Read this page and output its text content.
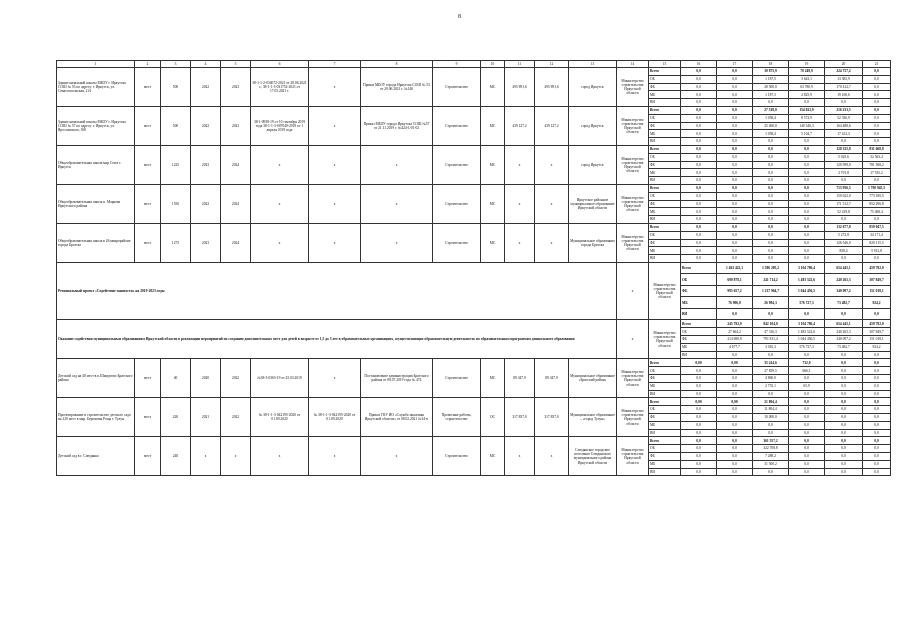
8
1	2	3	4	5	6	7	8	9	10	11	12	13	14	15	16	17	18	19	20	21	
Здание начальной школы МБОУ г. Иркутска СОШ № 53 по адресу: г. Иркутск, ул. Севастопольская, 214	мест	500	2022	2023	38-1-1-2-034072-2021 от 28.06.2021 г.; 38-1-1-3-031752-2021 от 17.03.2021 г.	х	Приказ МБОУ города Иркутска СОШ № 53 от 29.06.2021 г. №146	Строительство	МС	495 891,6	495 891,6	город Иркутск	Министерство строительства Иркутской области	Всего	0,0	0,0	30 875,9	70 249,9	224 757,2	0,0	
														ОБ	0,0	0,0	1 187,5	3 643,1	13 383,9	0,0	
														ФБ	0,0	0,0	28 500,0	63 780,9	170 412,7	0,0	
														МБ	0,0	0,0	1 187,5	2 825,9	19 160,6	0,0	
														ВИ	0,0	0,0	0,0	0,0	0,0	0,0	
Здание начальной школы МБОУ г. Иркутска СОШ № 57 по адресу: г. Иркутск, ул. Ярославского, 300	мест	500	2022	2023	38-1-0938-19 от 10 сентября 2019 года 38-1-1-3-007040-2019 от 1 апреля 2019 года	х	Приказ МБОУ города Иркутска СОШ №57 от 21.11.2019 г. №424-1/01-02	Строительство	МС	439 127,2	439 127,2	город Иркутск	Министерство строительства Иркутской области	Всего	0,0	0,0	27 518,0	154 022,9	216 233,5	0,0	
														ОБ	0,0	0,0	1 058,4	8 572,9	52 356,9	0,0	
														ФБ	0,0	0,0	25 400,0	140 346,3	164 488,6	0,0	
														МБ	0,0	0,0	1 058,4	5 104,7	17 412,3	0,0	
														ВИ	0,0	0,0	0,0	0,0	0,0	0,0	
Общеобразовательная школа мкр Союз г. Иркутск	мест	1225	2023	2024	х	х	х	Строительство	МС	х	х	город Иркутск	Министерство строительства Иркутской области	Всего	0,0	0,0	0,0	0,0	128 325,8	831 668,8	
														ОБ	0,0	0,0	0,0	0,0	5 025,6	32 563,4	
														ФБ	0,0	0,0	0,0	0,0	120 599,0	781 568,2	
														МБ	0,0	0,0	0,0	0,0	2 701,8	17 535,2	
														ВИ	0,0	0,0	0,0	0,0	0,0	0,0	
Общеобразовательная школа п. Маркова Иркутского района	мест	1550	2023	2024	х	х	х	Строительство	МС	х	х	Иркутское районное муниципальное образование Иркутской области	Министерство строительства Иркутской области	Всего	0,0	0,0	0,0	0,0	713 956,5	1 700 945,5	
														ОБ	0,0	0,0	0,0	0,0	150 022,0	773 180,5	
														ФБ	0,0	0,0	0,0	0,0	171 512,7	852 296,8	
														МБ	0,0	0,0	0,0	0,0	52 419,8	75 468,4	
														ВИ	0,0	0,0	0,0	0,0	0,0	0,0	
Общеобразовательная школа в 26 микрорайоне города Братска	мест	1275	2023	2024	х	х	х	Строительство	МС	х	х	Муниципальное образование города Братска	Министерство строительства Иркутской области	Всего	0,0	0,0	0,0	0,0	132 677,8	859 047,5	
														ОБ	0,0	0,0	0,0	0,0	5 272,8	34 171,4	
														ФБ	0,0	0,0	0,0	0,0	126 546,0	820 115,5	
														МБ	0,0	0,0	0,0	0,0	858,4	5 912,8	
														ВИ	0,0	0,0	0,0	0,0	0,0	0,0	
Региональный проект «Содействие занятости» на 2019-2023 годы													х	Министерство строительства Иркутской области	Всего	1 463 422,1	1 586 205,2	3 104 786,4	654 445,1	459 792,0	
															ОБ	690 878,1	241 714,2	1 483 522,6	240 265,3	307 849,7	
															ФБ	995 657,2	1 237 964,7	1 044 456,5	340 097,2	151 018,1	
															МБ	76 906,8	26 994,3	576 727,3	73 482,7	924,2	
															ВИ	0,0	0,0	0,0	0,0	0,0	
Оказание содействия муниципальным образованиям Иркутской области в реализации мероприятий по созданию дополнительных мест для детей в возрасте от 1,5 до 3 лет в образовательных организациях, осуществляющих образовательную деятельность по образовательным программам дошкольного образования													х	Министерство строительства Иркутской области	Всего	245 792,0	842 104,0	3 104 786,4	654 445,1	459 792,0	
															ОБ	27 664,2	47 316,3	1 483 522,6	240 265,3	307 849,7	
															ФБ	214 690,9	791 811,4	1 044 456,5	340 097,2	151 018,1	
															МБ	4 677,7	3 016,3	576 727,3	73 482,7	924,2	
															ВИ	0,0	0,0	0,0	0,0	0,0	
Детский сад на 40 мест в п.Шмидтово Братского района	мест	40	2020	2022	№38-3-0365-19 от 25.03.2019	х	Постановление администрации Братского района от 08.07.2019 года № 474	Строительство	МС	89 347,9	89 347,9	Муниципальное образование «Братский район»	Министерство строительства Иркутской области	Всего	0,00	0,00	35 414,6	732,0	0,0	0,0	
														ОБ	0,0	0,0	27 839,5	666,1	0,0	0,0	
														ФБ	0,0	0,0	4 860,0	0,0	0,0	0,0	
														МБ	0,0	0,0	2 755,1	65,9	0,0	0,0	
														ВИ	0,0	0,0	0,0	0,0	0,0	0,0	
Проектирование и строительство детского сада на 220 мест в мкр. Березовая Роща г. Тулун	мест	220	2021	2022	№ 38-1-1-3-042195-2020 от 01.09.2020	№ 38-1-1-3-042195-2020 от 01.09.2020	Приказ ГКУ ИО «Служба заказчика Иркутской области» от 08.02.2021 №14-п	Проектные работы, строительство	ОС	317 857,0	317 857,0	Муниципальное образование – «город Тулун»	Министерство строительства Иркутской области	Всего	0,00	0,00	21 804,4	0,0	0,0	0,0	
														ОБ	0,0	0,0	11 804,4	0,0	0,0	0,0	
														ФБ	0,0	0,0	10 000,0	0,0	0,0	0,0	
														МБ	0,0	0,0	0,0	0,0	0,0	0,0	
														ВИ	0,0	0,0	0,0	0,0	0,0	0,0	
Детский сад в г. Слюдянка	мест	240	х	х	х	х	х	Строительство	МС	х	х	Слюдянское городское поселение Слюдянского муниципального района Иркутской области	Министерство строительства Иркутской области	Всего	0,0	0,0	361 557,2	0,0	0,0	0,0	
														ОБ	0,0	0,0	322 708,8	0,0	0,0	0,0	
														ФБ	0,0	0,0	7 288,2	0,0	0,0	0,0	
														МБ	0,0	0,0	31 500,2	0,0	0,0	0,0	
														ВИ	0,0	0,0	0,0	0,0	0,0	0,0	
